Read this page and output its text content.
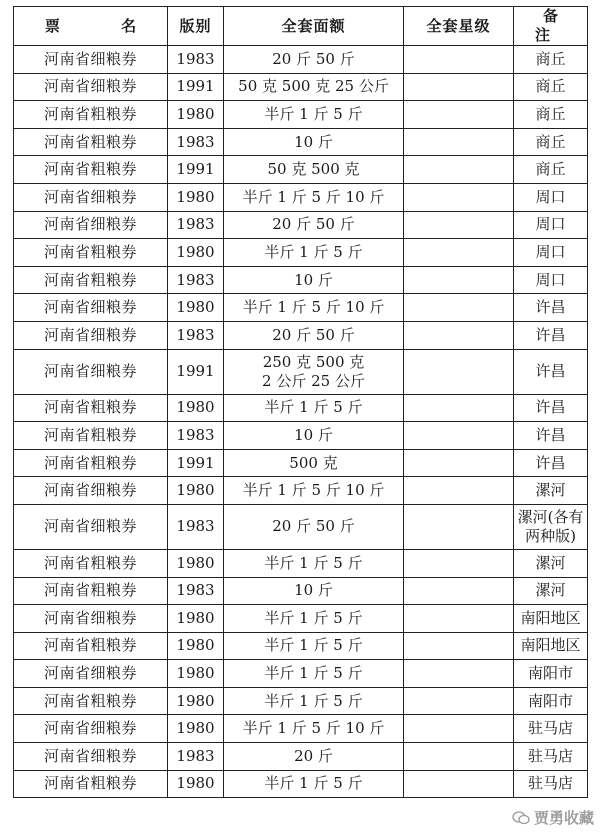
票 名	版别	全套面额	全套星级	备 注
河南省细粮券	1983	20 斤 50 斤		商丘

河南省细粮券	1991	50 克 500 克 25 公斤		商丘

河南省粗粮券	1980	半斤 1 斤 5 斤		商丘

河南省粗粮券	1983	10 斤		商丘

河南省粗粮券	1991	50 克 500 克		商丘

河南省细粮券	1980	半斤 1 斤 5 斤 10 斤		周口

河南省细粮券	1983	20 斤 50 斤		周口

河南省粗粮券	1980	半斤 1 斤 5 斤		周口

河南省粗粮券	1983	10 斤		周口

河南省细粮券	1980	半斤 1 斤 5 斤 10 斤		许昌

河南省细粮券	1983	20 斤 50 斤		许昌

河南省细粮券	1991	250 克 500 克
2 公斤 25 公斤		许昌

河南省粗粮券	1980	半斤 1 斤 5 斤		许昌

河南省粗粮券	1983	10 斤		许昌

河南省粗粮券	1991	500 克		许昌

河南省细粮券	1980	半斤 1 斤 5 斤 10 斤		漯河

河南省细粮券	1983	20 斤 50 斤		漯河(各有
两种版)

河南省粗粮券	1980	半斤 1 斤 5 斤		漯河

河南省粗粮券	1983	10 斤		漯河

河南省细粮券	1980	半斤 1 斤 5 斤		南阳地区

河南省粗粮券	1980	半斤 1 斤 5 斤		南阳地区

河南省细粮券	1980	半斤 1 斤 5 斤		南阳市

河南省粗粮券	1980	半斤 1 斤 5 斤		南阳市

河南省细粮券	1980	半斤 1 斤 5 斤 10 斤		驻马店

河南省细粮券	1983	20 斤		驻马店

河南省粗粮券	1980	半斤 1 斤 5 斤		驻马店
贾勇收藏
